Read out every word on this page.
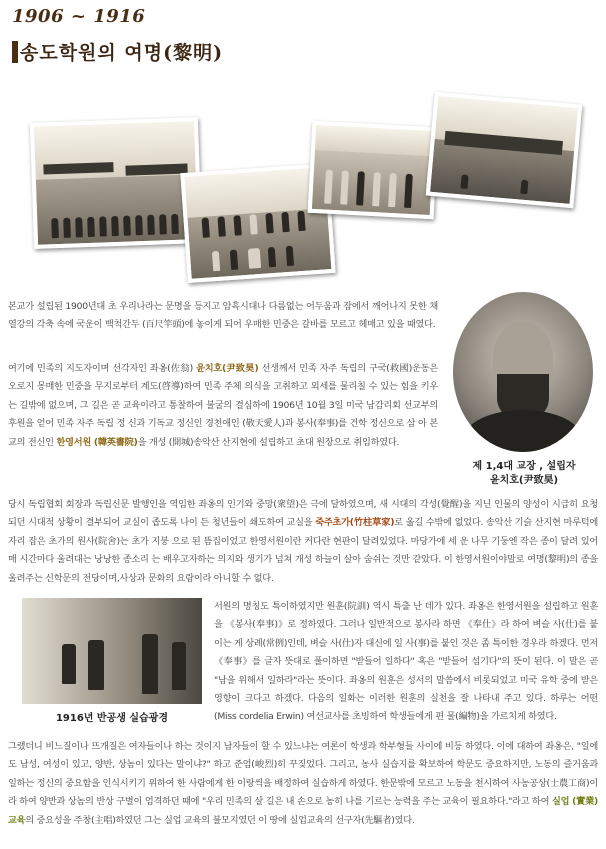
1906 ~ 1916
송도학원의 여명(黎明)
제 1,4대 교장 , 설립자
윤치호(尹致昊)

본교가 설립된 1900년대 초 우리나라는 문명을 등지고 암흑시대나 다름없는 어두움과 잠에서 깨어나지 못한 채 열강의 각축 속에 국운이 백척간두 (百尺竿頭)에 놓이게 되어 우매한 민중은 갈바를 모르고 헤매고 있을 때였다.

여기에 민족의 지도자이며 선각자인 좌옹(佐翁) 윤치호(尹致昊) 선생께서 민족 자주 독립의 구국(救國)운동은 오로지 몽매한 민중을 무지로부터 계도(啓導)하여 민족 주체 의식을 고취하고 외세를 물리칠 수 있는 힘을 키우는 길밖에 없으며, 그 길은 곧 교육이라고 통찰하여 불굴의 결심하에 1906년 10월 3일 미국 남감리회 선교부의 후원을 얻어 민족 자주 독립 정 신과 기독교 정신인 경천애인 (敬天愛人)과 봉사(奉事)를 건학 정신으로 삼 아 본교의 전신인 한영서원 (韓英書院)을 개성 (開城)송악산 산지현에 설립하고 초대 원장으로 취임하였다.

당시 독립협회 회장과 독립신문 발행인을 역임한 좌옹의 인기와 중망(衆望)은 극에 달하였으며, 새 시대의 각성(覺醒)을 지닌 인물의 양성이 시급히 요청되던 시대적 상황이 결부되어 교실이 좁도록 나이 든 청년들이 쇄도하여 교실을 죽주초가(竹柱草家)로 옮길 수밖에 없었다. 송악산 기슭 산지현 마루턱에 자리 잡은 초가의 원사(院舍)는 초가 지붕 으로 된 뜸집이었고 한영서원이란 커다란 현판이 달려있었다. 마당가에 세 운 나무 기둥엔 작은 종이 달려 있어 매 시간마다 울려대는 낭낭한 종소리 는 배우고자하는 의지와 생기가 넘쳐 개성 하늘이 살아 숨쉬는 것만 같았다. 이 한영서원이야말로 여명(黎明)의 종을 울려주는 신학문의 전당이며,사상과 문화의 요람이라 아니할 수 없다.

1916년 반공생 실습광경

서원의 명칭도 특이하였지만 원훈(院訓) 역시 특출 난 데가 있다. 좌옹은 한영서원을 설립하고 원훈을 《봉사(奉事)》로 정하였다. 그러나 일반적으로 봉사라 하면 《奉仕》라 하여 벼슬 사(仕)를 붙이는 게 상례(常例)인데, 벼슬 사(仕)자 대신에 일 사(事)를 붙인 것은 좀 특이한 경우라 하겠다. 먼저 《奉事》를 글자 뜻대로 풀이하면 "받들어 일하다" 혹은 "받들어 섬기다"의 뜻이 된다. 이 말은 곧 "남을 위해서 일하라"라는 뜻이다. 좌옹의 원훈은 성서의 말씀에서 비롯되었고 미국 유학 중에 받은 영향이 크다고 하겠다. 다음의 일화는 이러한 원훈의 실천을 잘 나타내 주고 있다. 하루는 어떤 (Miss cordelia Erwin) 여선교사를 초빙하여 학생들에게 편 물(編物)을 가르치게 하였다.

그랬더니 비느질이나 뜨개질은 여자들이나 하는 것이지 남자들이 할 수 있느냐는 여론이 학생과 학부형들 사이에 비등 하였다. 이에 대하여 좌옹은, "일에도 남성, 여성이 있고, 양반, 상놈이 있다는 말이냐?" 하고 준엄(峻烈)히 꾸짖었다. 그리고, 농사 실습지를 확보하여 학문도 중요하지만, 노동의 즐거움과 일하는 정신의 중요함을 인식시키기 위하여 한 사람에게 한 이랑씩을 배정하여 실습하게 하였다. 한문밖에 모르고 노동을 천시하여 사농공상(士農工商)이라 하여 양반과 상놈의 반상 구별이 엄격하던 때에 "우리 민족의 살 길은 내 손으로 농히 나를 기르는 능력을 주는 교육이 필요하다."라고 하여 실업 (實業) 교육의 중요성을 주창(主唱)하였던 그는 실업 교육의 불모지였던 이 땅에 실업교육의 선구자(先驅者)였다.
